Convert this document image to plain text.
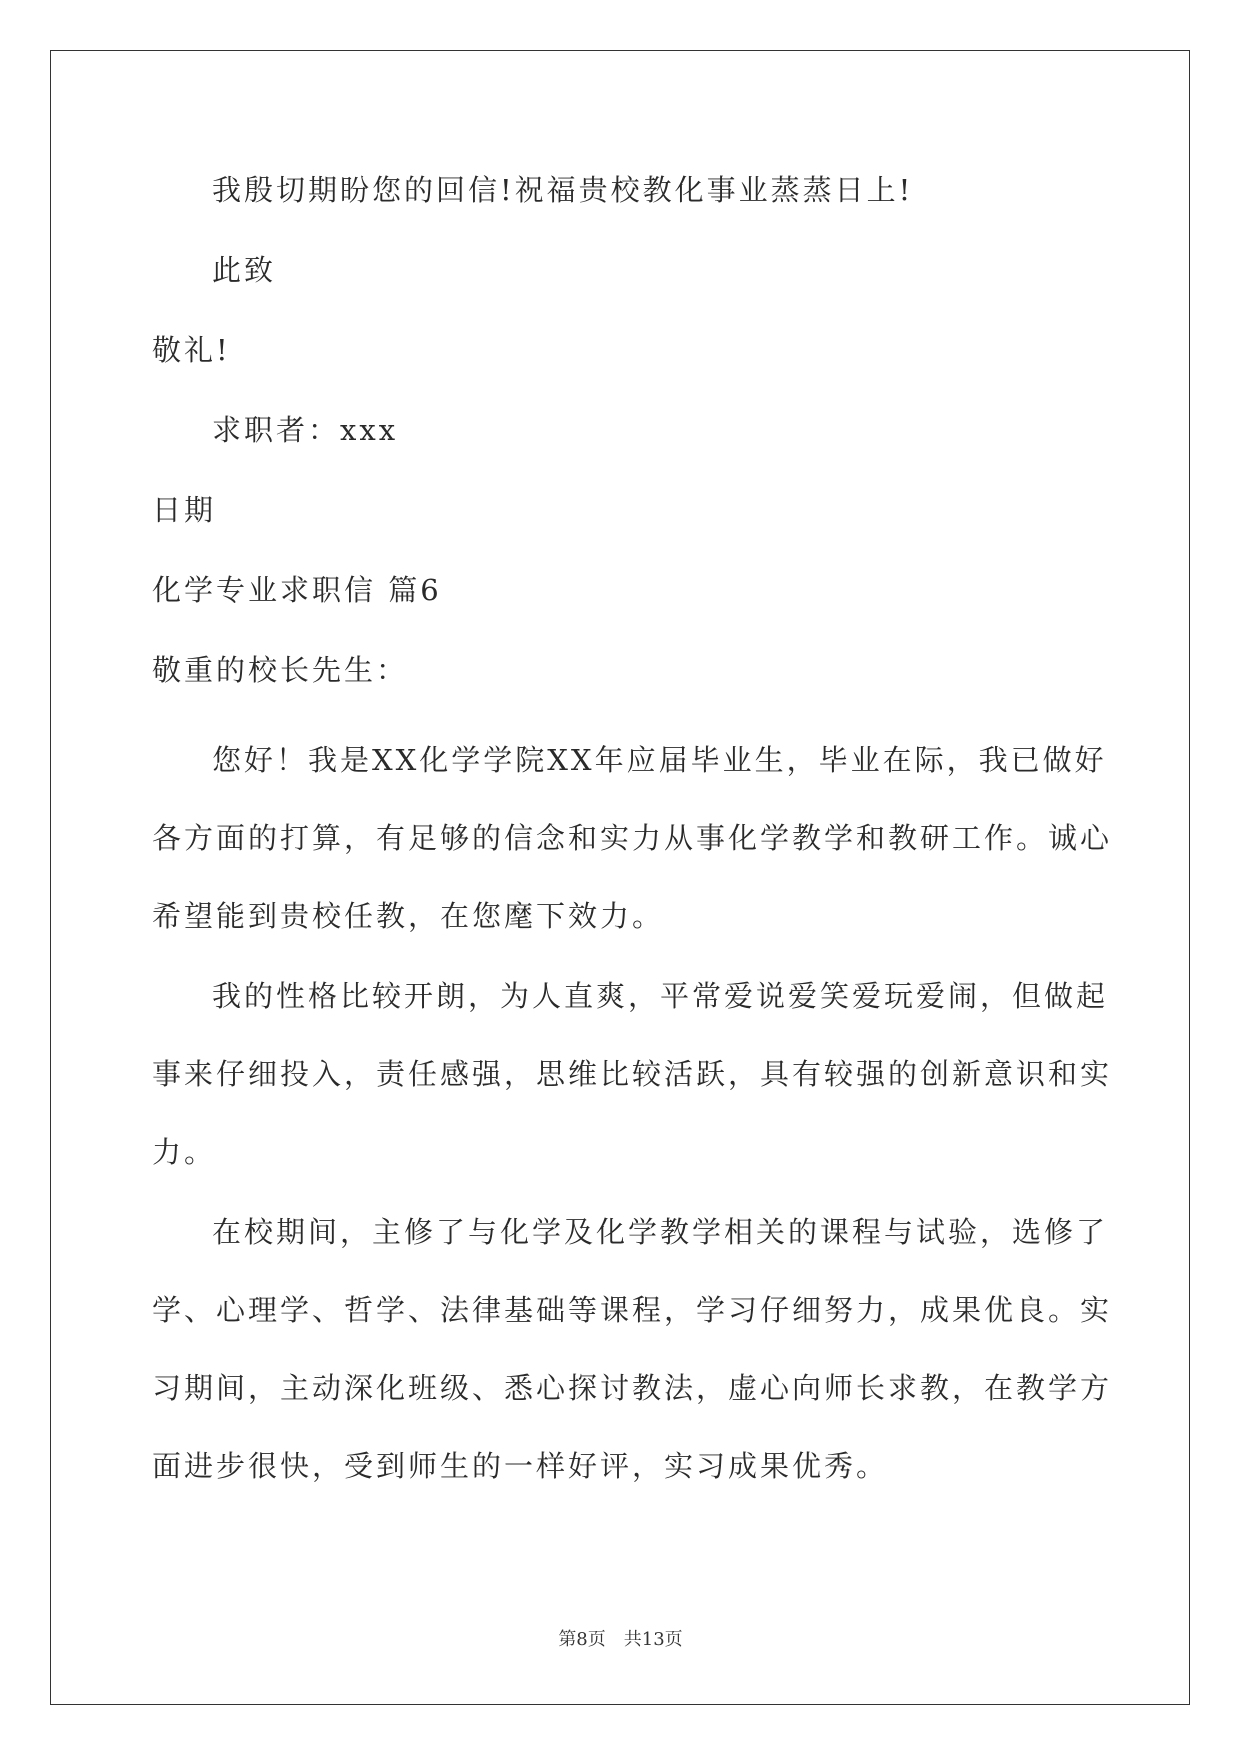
我殷切期盼您的回信!祝福贵校教化事业蒸蒸日上!
此致
敬礼!
求职者：xxx
日期
化学专业求职信 篇6
敬重的校长先生：
您好！我是XX化学学院XX年应届毕业生，毕业在际，我已做好
各方面的打算，有足够的信念和实力从事化学教学和教研工作。诚心
希望能到贵校任教，在您麾下效力。
我的性格比较开朗，为人直爽，平常爱说爱笑爱玩爱闹，但做起
事来仔细投入，责任感强，思维比较活跃，具有较强的创新意识和实
力。
在校期间，主修了与化学及化学教学相关的课程与试验，选修了
学、心理学、哲学、法律基础等课程，学习仔细努力，成果优良。实
习期间，主动深化班级、悉心探讨教法，虚心向师长求教，在教学方
面进步很快，受到师生的一样好评，实习成果优秀。
第8页 共13页
